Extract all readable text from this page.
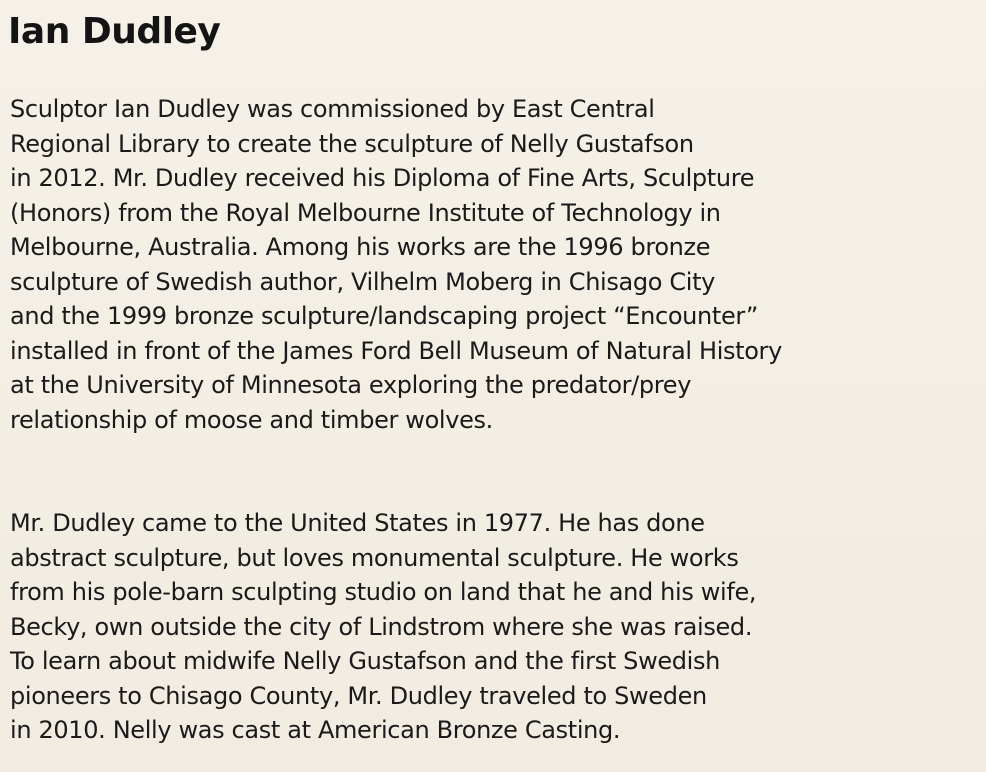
Ian Dudley

Sculptor Ian Dudley was commissioned by East Central
Regional Library to create the sculpture of Nelly Gustafson
in 2012. Mr. Dudley received his Diploma of Fine Arts, Sculpture
(Honors) from the Royal Melbourne Institute of Technology in
Melbourne, Australia. Among his works are the 1996 bronze
sculpture of Swedish author, Vilhelm Moberg in Chisago City
and the 1999 bronze sculpture/landscaping project “Encounter”
installed in front of the James Ford Bell Museum of Natural History
at the University of Minnesota exploring the predator/prey
relationship of moose and timber wolves.

Mr. Dudley came to the United States in 1977. He has done
abstract sculpture, but loves monumental sculpture. He works
from his pole-barn sculpting studio on land that he and his wife,
Becky, own outside the city of Lindstrom where she was raised.
To learn about midwife Nelly Gustafson and the first Swedish
pioneers to Chisago County, Mr. Dudley traveled to Sweden
in 2010. Nelly was cast at American Bronze Casting.
